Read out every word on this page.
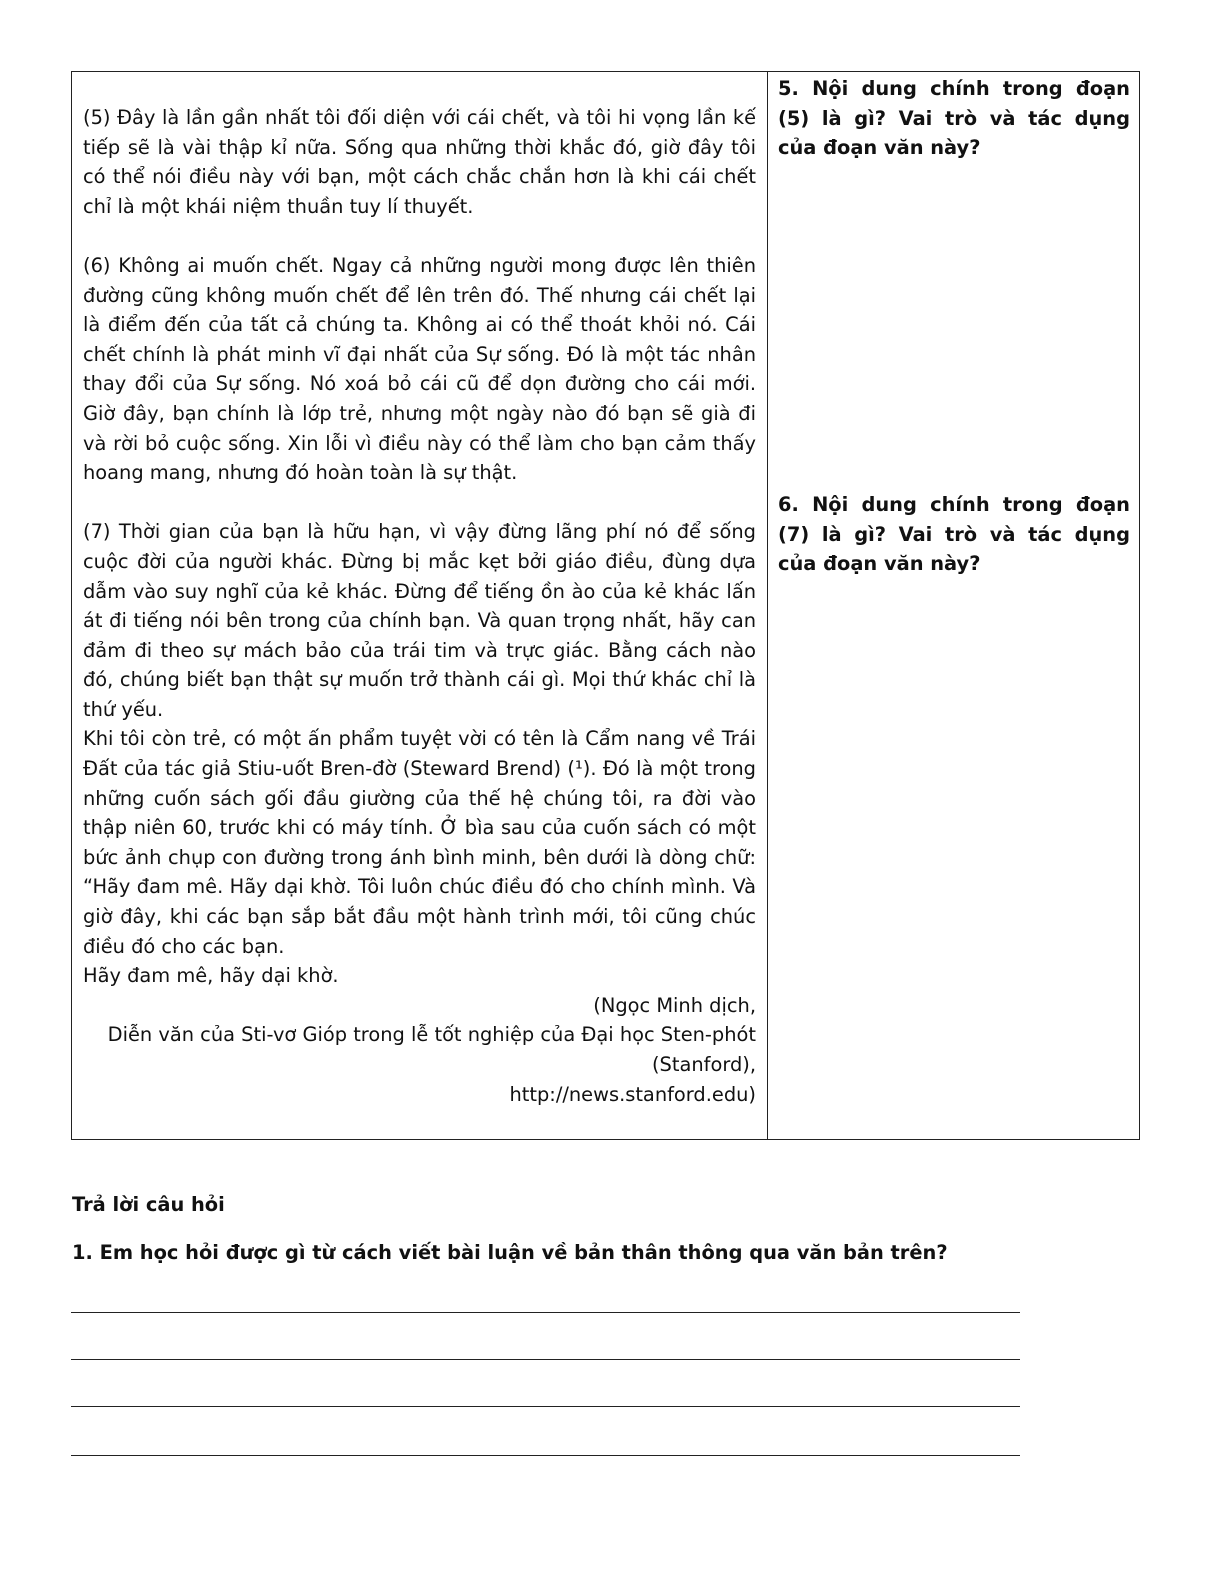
(5) Đây là lần gần nhất tôi đối diện với cái chết, và tôi hi vọng lần kế tiếp sẽ là vài thập kỉ nữa. Sống qua những thời khắc đó, giờ đây tôi có thể nói điều này với bạn, một cách chắc chắn hơn là khi cái chết chỉ là một khái niệm thuần tuy lí thuyết.

(6) Không ai muốn chết. Ngay cả những người mong được lên thiên đường cũng không muốn chết để lên trên đó. Thế nhưng cái chết lại là điểm đến của tất cả chúng ta. Không ai có thể thoát khỏi nó. Cái chết chính là phát minh vĩ đại nhất của Sự sống. Đó là một tác nhân thay đổi của Sự sống. Nó xoá bỏ cái cũ để dọn đường cho cái mới. Giờ đây, bạn chính là lớp trẻ, nhưng một ngày nào đó bạn sẽ già đi và rời bỏ cuộc sống. Xin lỗi vì điều này có thể làm cho bạn cảm thấy hoang mang, nhưng đó hoàn toàn là sự thật.

(7) Thời gian của bạn là hữu hạn, vì vậy đừng lãng phí nó để sống cuộc đời của người khác. Đừng bị mắc kẹt bởi giáo điều, đùng dựa dẫm vào suy nghĩ của kẻ khác. Đừng để tiếng ồn ào của kẻ khác lấn át đi tiếng nói bên trong của chính bạn. Và quan trọng nhất, hãy can đảm đi theo sự mách bảo của trái tim và trực giác. Bằng cách nào đó, chúng biết bạn thật sự muốn trở thành cái gì. Mọi thứ khác chỉ là thứ yếu.

Khi tôi còn trẻ, có một ấn phẩm tuyệt vời có tên là Cẩm nang về Trái Đất của tác giả Stiu-uốt Bren-đờ (Steward Brend) (¹). Đó là một trong những cuốn sách gối đầu giường của thế hệ chúng tôi, ra đời vào thập niên 60, trước khi có máy tính. Ở bìa sau của cuốn sách có một bức ảnh chụp con đường trong ánh bình minh, bên dưới là dòng chữ: “Hãy đam mê. Hãy dại khờ. Tôi luôn chúc điều đó cho chính mình. Và giờ đây, khi các bạn sắp bắt đầu một hành trình mới, tôi cũng chúc điều đó cho các bạn.

Hãy đam mê, hãy dại khờ.

(Ngọc Minh dịch,

Diễn văn của Sti-vơ Gióp trong lễ tốt nghiệp của Đại học Sten-phót (Stanford),

http://news.stanford.edu)

5. Nội dung chính trong đoạn (5) là gì? Vai trò và tác dụng của đoạn văn này?

6. Nội dung chính trong đoạn (7) là gì? Vai trò và tác dụng của đoạn văn này?

Trả lời câu hỏi

1. Em học hỏi được gì từ cách viết bài luận về bản thân thông qua văn bản trên?
